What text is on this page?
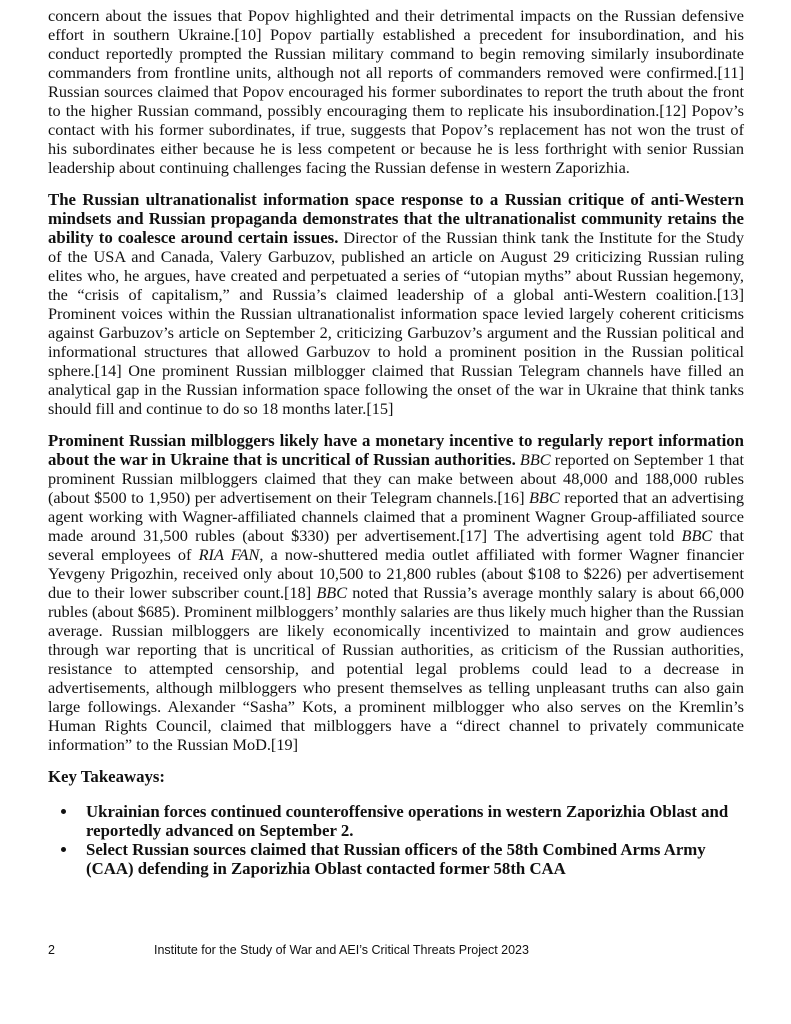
concern about the issues that Popov highlighted and their detrimental impacts on the Russian defensive effort in southern Ukraine.[10] Popov partially established a precedent for insubordination, and his conduct reportedly prompted the Russian military command to begin removing similarly insubordinate commanders from frontline units, although not all reports of commanders removed were confirmed.[11] Russian sources claimed that Popov encouraged his former subordinates to report the truth about the front to the higher Russian command, possibly encouraging them to replicate his insubordination.[12] Popov’s contact with his former subordinates, if true, suggests that Popov’s replacement has not won the trust of his subordinates either because he is less competent or because he is less forthright with senior Russian leadership about continuing challenges facing the Russian defense in western Zaporizhia.

The Russian ultranationalist information space response to a Russian critique of anti-Western mindsets and Russian propaganda demonstrates that the ultranationalist community retains the ability to coalesce around certain issues. Director of the Russian think tank the Institute for the Study of the USA and Canada, Valery Garbuzov, published an article on August 29 criticizing Russian ruling elites who, he argues, have created and perpetuated a series of “utopian myths” about Russian hegemony, the “crisis of capitalism,” and Russia’s claimed leadership of a global anti-Western coalition.[13] Prominent voices within the Russian ultranationalist information space levied largely coherent criticisms against Garbuzov’s article on September 2, criticizing Garbuzov’s argument and the Russian political and informational structures that allowed Garbuzov to hold a prominent position in the Russian political sphere.[14] One prominent Russian milblogger claimed that Russian Telegram channels have filled an analytical gap in the Russian information space following the onset of the war in Ukraine that think tanks should fill and continue to do so 18 months later.[15]

Prominent Russian milbloggers likely have a monetary incentive to regularly report information about the war in Ukraine that is uncritical of Russian authorities. BBC reported on September 1 that prominent Russian milbloggers claimed that they can make between about 48,000 and 188,000 rubles (about $500 to 1,950) per advertisement on their Telegram channels.[16] BBC reported that an advertising agent working with Wagner-affiliated channels claimed that a prominent Wagner Group-affiliated source made around 31,500 rubles (about $330) per advertisement.[17] The advertising agent told BBC that several employees of RIA FAN, a now-shuttered media outlet affiliated with former Wagner financier Yevgeny Prigozhin, received only about 10,500 to 21,800 rubles (about $108 to $226) per advertisement due to their lower subscriber count.[18] BBC noted that Russia’s average monthly salary is about 66,000 rubles (about $685). Prominent milbloggers’ monthly salaries are thus likely much higher than the Russian average. Russian milbloggers are likely economically incentivized to maintain and grow audiences through war reporting that is uncritical of Russian authorities, as criticism of the Russian authorities, resistance to attempted censorship, and potential legal problems could lead to a decrease in advertisements, although milbloggers who present themselves as telling unpleasant truths can also gain large followings. Alexander “Sasha” Kots, a prominent milblogger who also serves on the Kremlin’s Human Rights Council, claimed that milbloggers have a “direct channel to privately communicate information” to the Russian MoD.[19]

Key Takeaways:
• Ukrainian forces continued counteroffensive operations in western Zaporizhia Oblast and reportedly advanced on September 2.
• Select Russian sources claimed that Russian officers of the 58th Combined Arms Army (CAA) defending in Zaporizhia Oblast contacted former 58th CAA
2	Institute for the Study of War and AEI’s Critical Threats Project 2023
